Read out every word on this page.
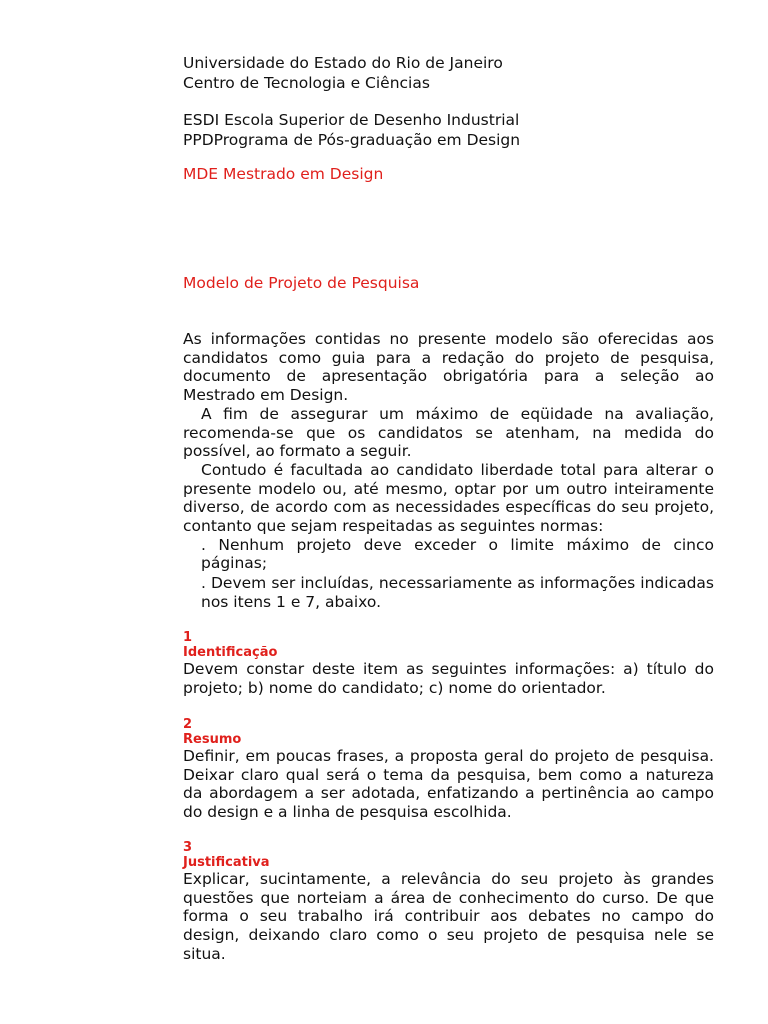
Universidade do Estado do Rio de Janeiro
Centro de Tecnologia e Ciências
ESDI Escola Superior de Desenho Industrial
PPDPrograma de Pós-graduação em Design
MDE Mestrado em Design
Modelo de Projeto de Pesquisa

As informações contidas no presente modelo são oferecidas aos candidatos como guia para a redação do projeto de pesquisa, documento de apresentação obrigatória para a seleção ao Mestrado em Design.

A fim de assegurar um máximo de eqüidade na avaliação, recomenda-se que os candidatos se atenham, na medida do possível, ao formato a seguir.

Contudo é facultada ao candidato liberdade total para alterar o presente modelo ou, até mesmo, optar por um outro inteiramente diverso, de acordo com as necessidades específicas do seu projeto, contanto que sejam respeitadas as seguintes normas:

. Nenhum projeto deve exceder o limite máximo de cinco páginas;
. Devem ser incluídas, necessariamente as informações indicadas nos itens 1 e 7, abaixo.
1
Identificação

Devem constar deste item as seguintes informações: a) título do projeto; b) nome do candidato; c) nome do orientador.

2
Resumo

Definir, em poucas frases, a proposta geral do projeto de pesquisa. Deixar claro qual será o tema da pesquisa, bem como a natureza da abordagem a ser adotada, enfatizando a pertinência ao campo do design e a linha de pesquisa escolhida.

3
Justificativa

Explicar, sucintamente, a relevância do seu projeto às grandes questões que norteiam a área de conhecimento do curso. De que forma o seu trabalho irá contribuir aos debates no campo do design, deixando claro como o seu projeto de pesquisa nele se situa.
